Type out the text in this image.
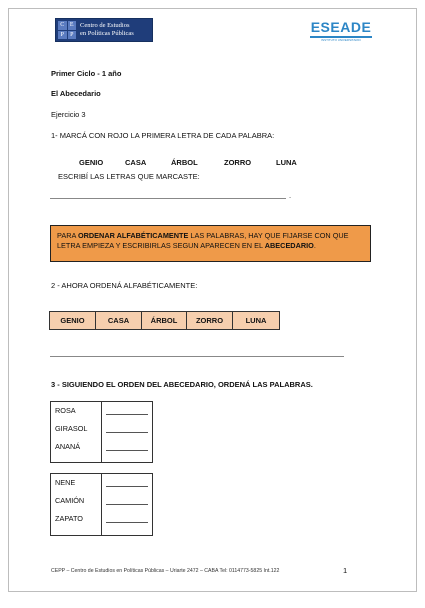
C E
P	P
Centro de Estudios
en Políticas Públicas	ESEADE
INSTITUTO UNIVERSITARIO
Primer Ciclo - 1 año
El Abecedario
Ejercicio 3
1- MARCÁ CON ROJO LA PRIMERA LETRA DE CADA PALABRA:
GENIO	CASA	ÁRBOL	ZORRO	LUNA
ESCRIBÍ LAS LETRAS QUE MARCASTE:
.
PARA ORDENAR ALFABÉTICAMENTE LAS PALABRAS, HAY QUE FIJARSE CON QUE LETRA EMPIEZA Y ESCRIBIRLAS SEGUN APARECEN EN EL ABECEDARIO.
2 - AHORA ORDENÁ ALFABÉTICAMENTE:
GENIO	CASA	ÁRBOL	ZORRO	LUNA
3 - SIGUIENDO EL ORDEN DEL ABECEDARIO, ORDENÁ LAS PALABRAS.
ROSA
GIRASOL
ANANÁ
NENE
CAMIÓN
ZAPATO
CEPP – Centro de Estudios en Políticas Públicas – Uriarte 2472 – CABA Tel: 0114773-5825 Int.122	1
